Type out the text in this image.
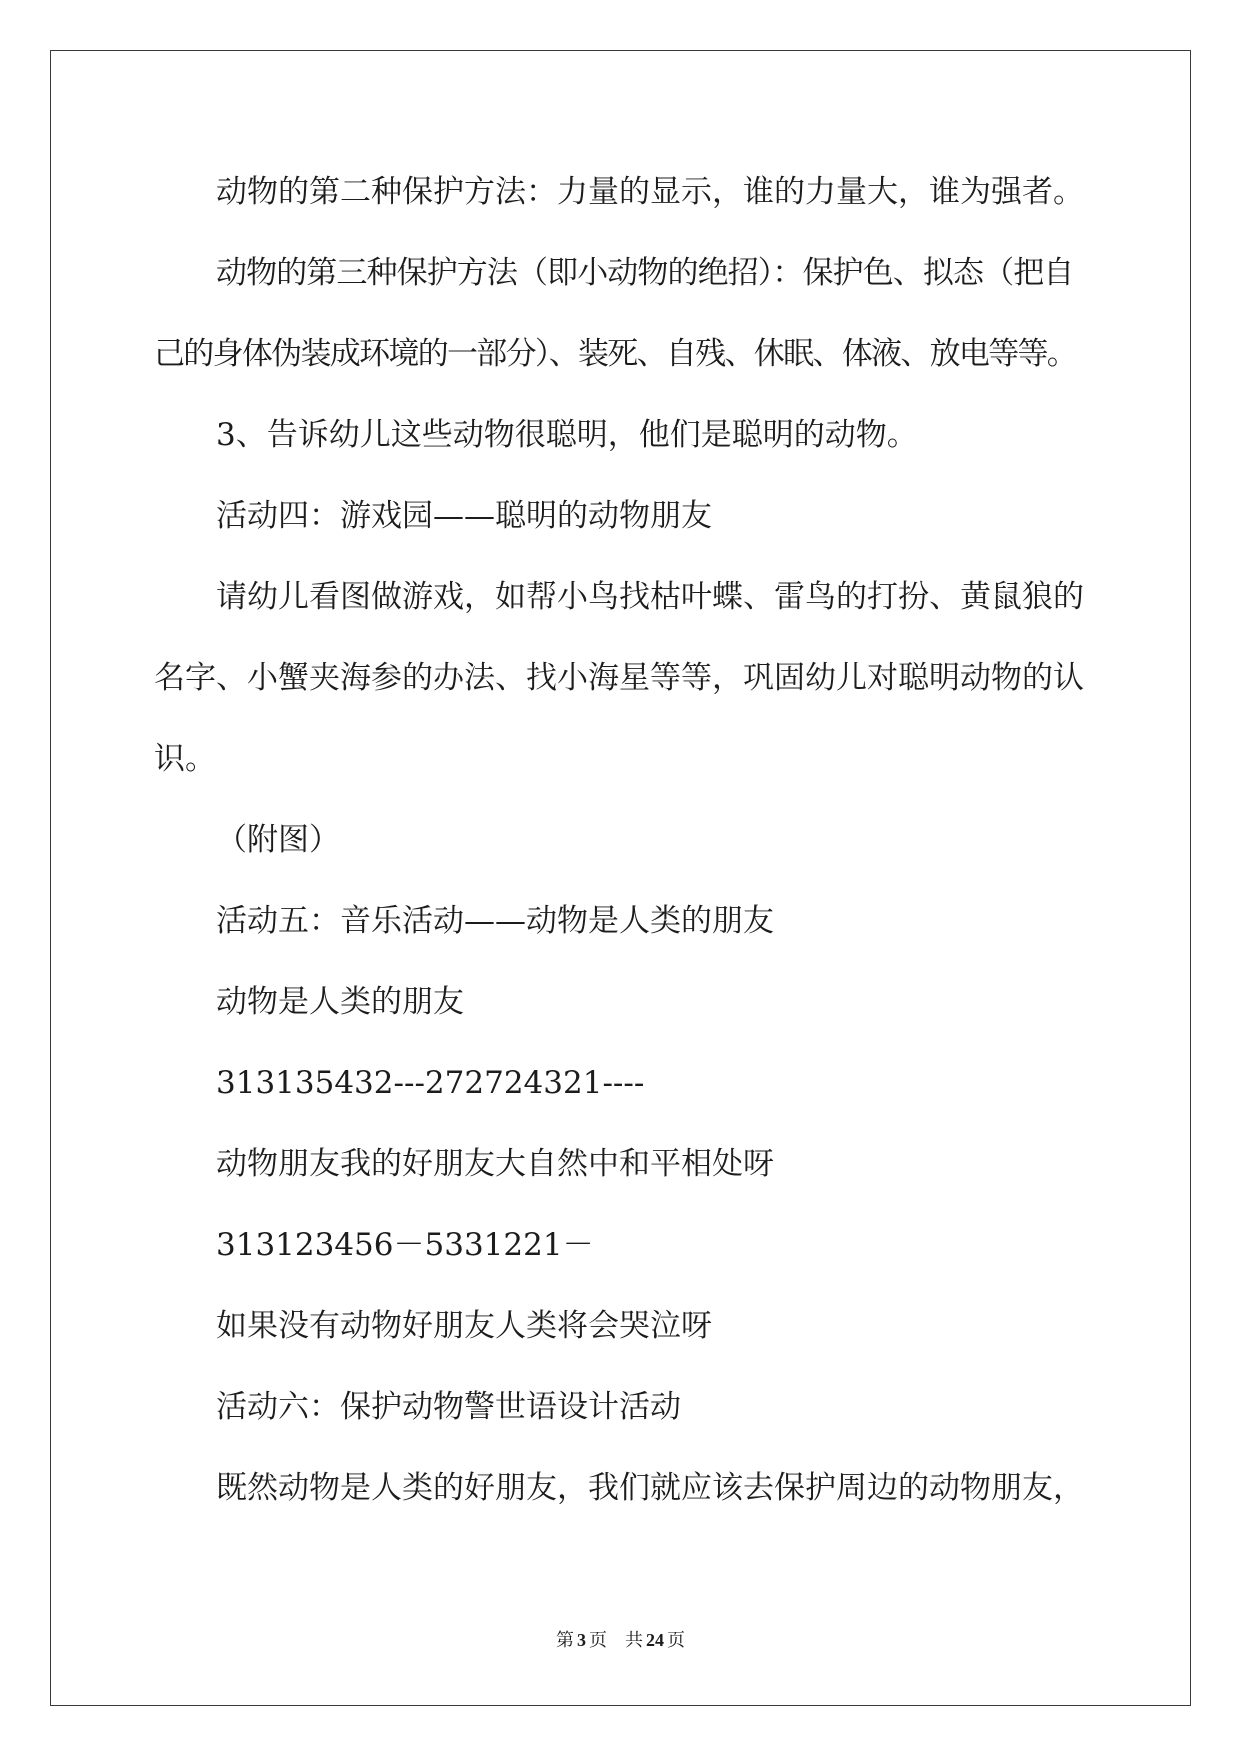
动物的第二种保护方法：力量的显示，谁的力量大，谁为强者。
动物的第三种保护方法（即小动物的绝招）：保护色、拟态（把自
己的身体伪装成环境的一部分）、装死、自残、休眠、体液、放电等等。
3、告诉幼儿这些动物很聪明，他们是聪明的动物。
活动四：游戏园——聪明的动物朋友
请幼儿看图做游戏，如帮小鸟找枯叶蝶、雷鸟的打扮、黄鼠狼的
名字、小蟹夹海参的办法、找小海星等等，巩固幼儿对聪明动物的认
识。
（附图）
活动五：音乐活动——动物是人类的朋友
动物是人类的朋友
313135432---272724321----
动物朋友我的好朋友大自然中和平相处呀
313123456－5331221－
如果没有动物好朋友人类将会哭泣呀
活动六：保护动物警世语设计活动
既然动物是人类的好朋友，我们就应该去保护周边的动物朋友，
第 3 页 共 24 页
